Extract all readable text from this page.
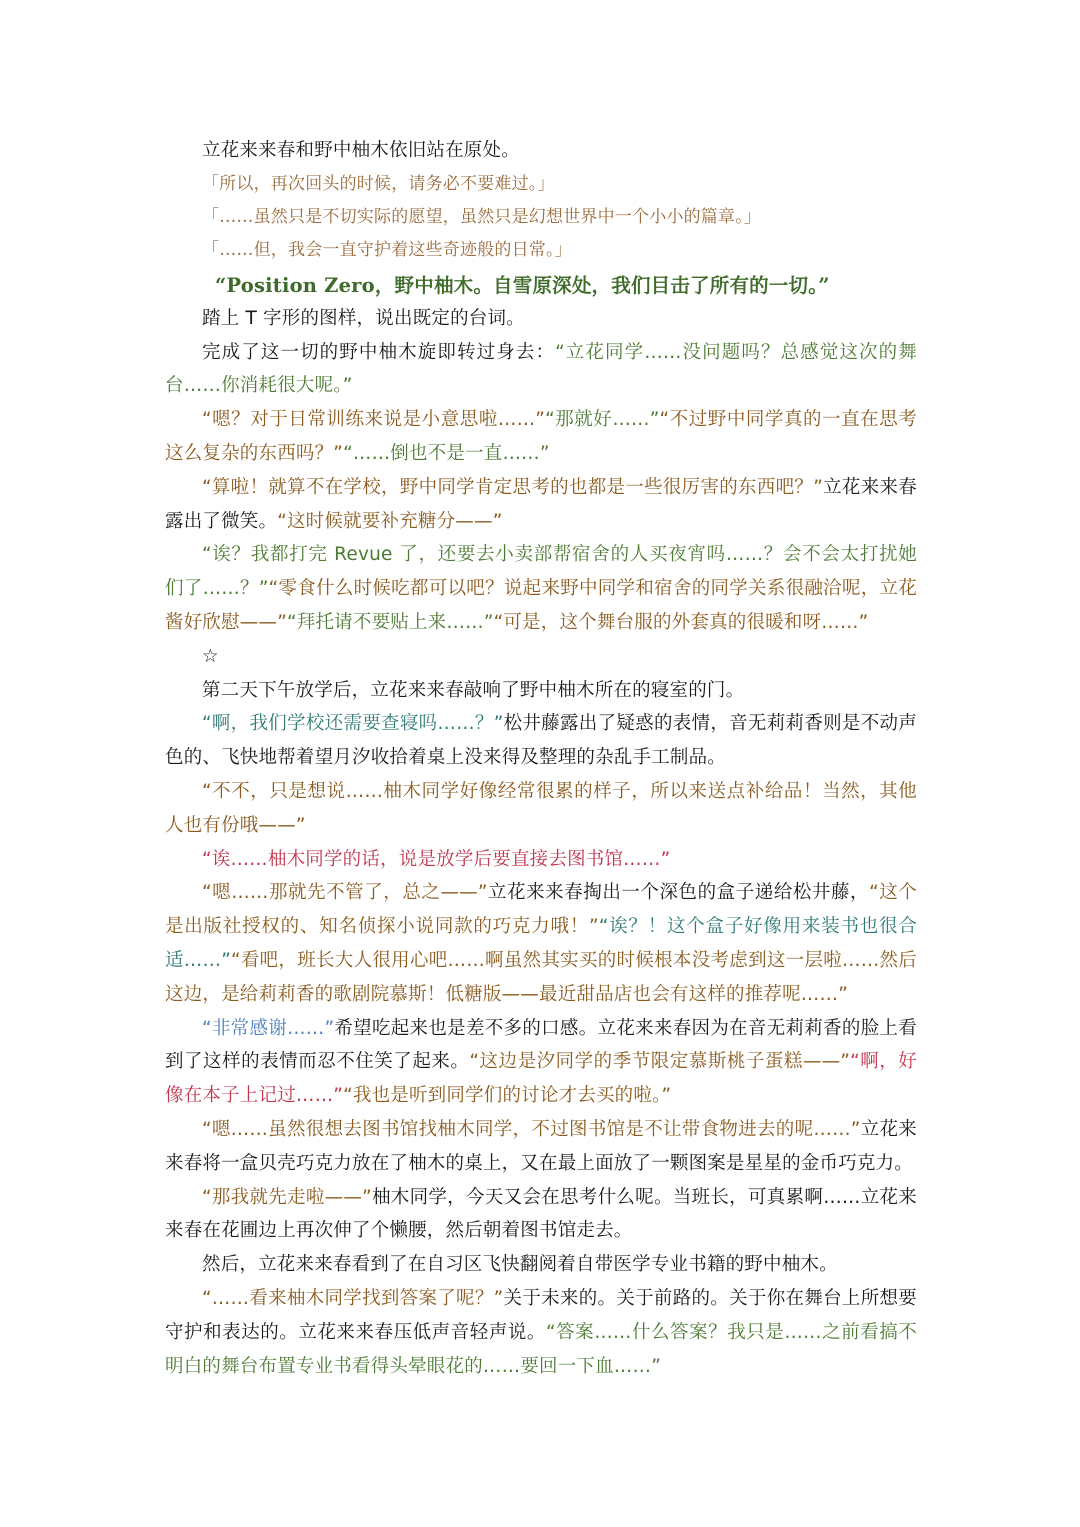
立花来来春和野中柚木依旧站在原处。

「所以，再次回头的时候，请务必不要难过。」

「……虽然只是不切实际的愿望，虽然只是幻想世界中一个小小的篇章。」

「……但，我会一直守护着这些奇迹般的日常。」

“Position Zero，野中柚木。自雪原深处，我们目击了所有的一切。”

踏上 T 字形的图样，说出既定的台词。

完成了这一切的野中柚木旋即转过身去：“立花同学……没问题吗？总感觉这次的舞台……你消耗很大呢。”

“嗯？对于日常训练来说是小意思啦……”“那就好……”“不过野中同学真的一直在思考这么复杂的东西吗？”“……倒也不是一直……”

“算啦！就算不在学校，野中同学肯定思考的也都是一些很厉害的东西吧？”立花来来春露出了微笑。“这时候就要补充糖分——”

“诶？我都打完 Revue 了，还要去小卖部帮宿舍的人买夜宵吗……？会不会太打扰她们了……？”“零食什么时候吃都可以吧？说起来野中同学和宿舍的同学关系很融洽呢，立花酱好欣慰——”“拜托请不要贴上来……”“可是，这个舞台服的外套真的很暖和呀……”

☆

第二天下午放学后，立花来来春敲响了野中柚木所在的寝室的门。

“啊，我们学校还需要查寝吗……？”松井藤露出了疑惑的表情，音无莉莉香则是不动声色的、飞快地帮着望月汐收拾着桌上没来得及整理的杂乱手工制品。

“不不，只是想说……柚木同学好像经常很累的样子，所以来送点补给品！当然，其他人也有份哦——”

“诶……柚木同学的话，说是放学后要直接去图书馆……”

“嗯……那就先不管了，总之——”立花来来春掏出一个深色的盒子递给松井藤，“这个是出版社授权的、知名侦探小说同款的巧克力哦！”“诶？！这个盒子好像用来装书也很合适……”“看吧，班长大人很用心吧……啊虽然其实买的时候根本没考虑到这一层啦……然后这边，是给莉莉香的歌剧院慕斯！低糖版——最近甜品店也会有这样的推荐呢……”

“非常感谢……”希望吃起来也是差不多的口感。立花来来春因为在音无莉莉香的脸上看到了这样的表情而忍不住笑了起来。“这边是汐同学的季节限定慕斯桃子蛋糕——”“啊，好像在本子上记过……”“我也是听到同学们的讨论才去买的啦。”

“嗯……虽然很想去图书馆找柚木同学，不过图书馆是不让带食物进去的呢……”立花来来春将一盒贝壳巧克力放在了柚木的桌上，又在最上面放了一颗图案是星星的金币巧克力。

“那我就先走啦——”柚木同学，今天又会在思考什么呢。当班长，可真累啊……立花来来春在花圃边上再次伸了个懒腰，然后朝着图书馆走去。

然后，立花来来春看到了在自习区飞快翻阅着自带医学专业书籍的野中柚木。

“……看来柚木同学找到答案了呢？”关于未来的。关于前路的。关于你在舞台上所想要守护和表达的。立花来来春压低声音轻声说。“答案……什么答案？我只是……之前看搞不明白的舞台布置专业书看得头晕眼花的……要回一下血……”
